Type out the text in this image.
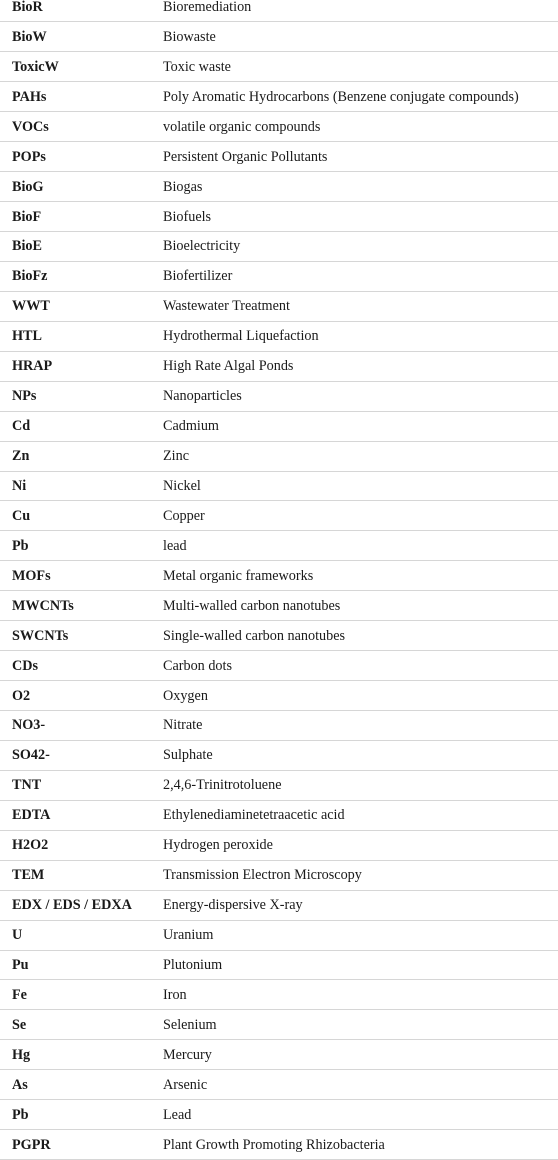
BioR	Bioremediation
BioW	Biowaste
ToxicW	Toxic waste
PAHs	Poly Aromatic Hydrocarbons (Benzene conjugate compounds)
VOCs	volatile organic compounds
POPs	Persistent Organic Pollutants
BioG	Biogas
BioF	Biofuels
BioE	Bioelectricity
BioFz	Biofertilizer
WWT	Wastewater Treatment
HTL	Hydrothermal Liquefaction
HRAP	High Rate Algal Ponds
NPs	Nanoparticles
Cd	Cadmium
Zn	Zinc
Ni	Nickel
Cu	Copper
Pb	lead
MOFs	Metal organic frameworks
MWCNTs	Multi-walled carbon nanotubes
SWCNTs	Single-walled carbon nanotubes
CDs	Carbon dots
O2	Oxygen
NO3-	Nitrate
SO42-	Sulphate
TNT	2,4,6-Trinitrotoluene
EDTA	Ethylenediaminetetraacetic acid
H2O2	Hydrogen peroxide
TEM	Transmission Electron Microscopy
EDX / EDS / EDXA	Energy-dispersive X-ray
U	Uranium
Pu	Plutonium
Fe	Iron
Se	Selenium
Hg	Mercury
As	Arsenic
Pb	Lead
PGPR	Plant Growth Promoting Rhizobacteria
